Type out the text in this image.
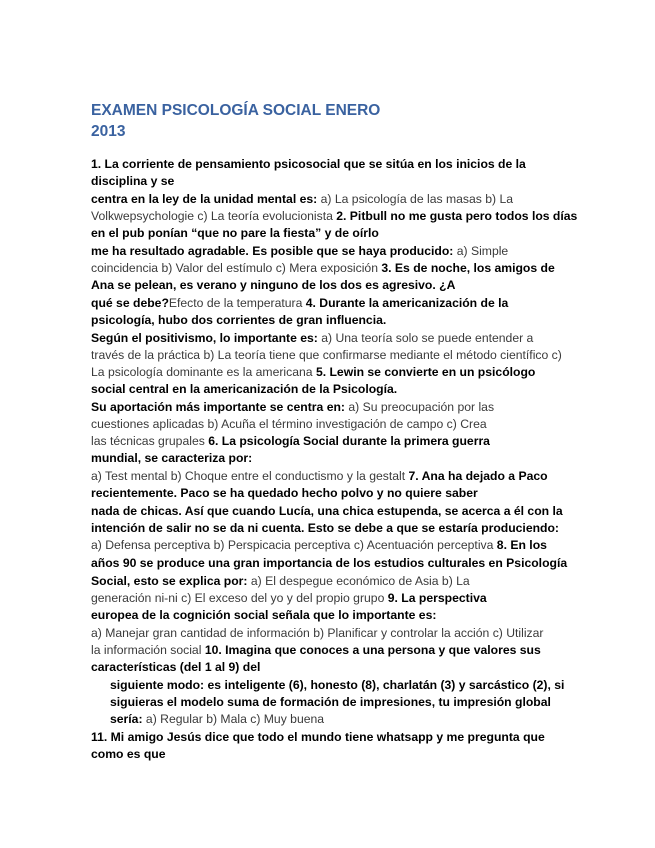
EXAMEN PSICOLOGÍA SOCIAL ENERO
2013
1. La corriente de pensamiento psicosocial que se sitúa en los inicios de la
disciplina y se
centra en la ley de la unidad mental es: a) La psicología de las masas b) La
Volkwepsychologie c) La teoría evolucionista 2. Pitbull no me gusta pero todos los días
en el pub ponían “que no pare la fiesta” y de oírlo
me ha resultado agradable. Es posible que se haya producido: a) Simple
coincidencia b) Valor del estímulo c) Mera exposición 3. Es de noche, los amigos de
Ana se pelean, es verano y ninguno de los dos es agresivo. ¿A
qué se debe?Efecto de la temperatura 4. Durante la americanización de la
psicología, hubo dos corrientes de gran influencia.
Según el positivismo, lo importante es: a) Una teoría solo se puede entender a
través de la práctica b) La teoría tiene que confirmarse mediante el método científico c)
La psicología dominante es la americana 5. Lewin se convierte en un psicólogo
social central en la americanización de la Psicología.
Su aportación más importante se centra en: a) Su preocupación por las
cuestiones aplicadas b) Acuña el término investigación de campo c) Crea
las técnicas grupales 6. La psicología Social durante la primera guerra
mundial, se caracteriza por:
a) Test mental b) Choque entre el conductismo y la gestalt 7. Ana ha dejado a Paco
recientemente. Paco se ha quedado hecho polvo y no quiere saber
nada de chicas. Así que cuando Lucía, una chica estupenda, se acerca a él con la
intención de salir no se da ni cuenta. Esto se debe a que se estaría produciendo:
a) Defensa perceptiva b) Perspicacia perceptiva c) Acentuación perceptiva 8. En los
años 90 se produce una gran importancia de los estudios culturales en Psicología
Social, esto se explica por: a) El despegue económico de Asia b) La
generación ni-ni c) El exceso del yo y del propio grupo 9. La perspectiva
europea de la cognición social señala que lo importante es:
a) Manejar gran cantidad de información b) Planificar y controlar la acción c) Utilizar
la información social 10. Imagina que conoces a una persona y que valores sus
características (del 1 al 9) del
siguiente modo: es inteligente (6), honesto (8), charlatán (3) y sarcástico (2), si
siguieras el modelo suma de formación de impresiones, tu impresión global
sería: a) Regular b) Mala c) Muy buena
11. Mi amigo Jesús dice que todo el mundo tiene whatsapp y me pregunta que
como es que
